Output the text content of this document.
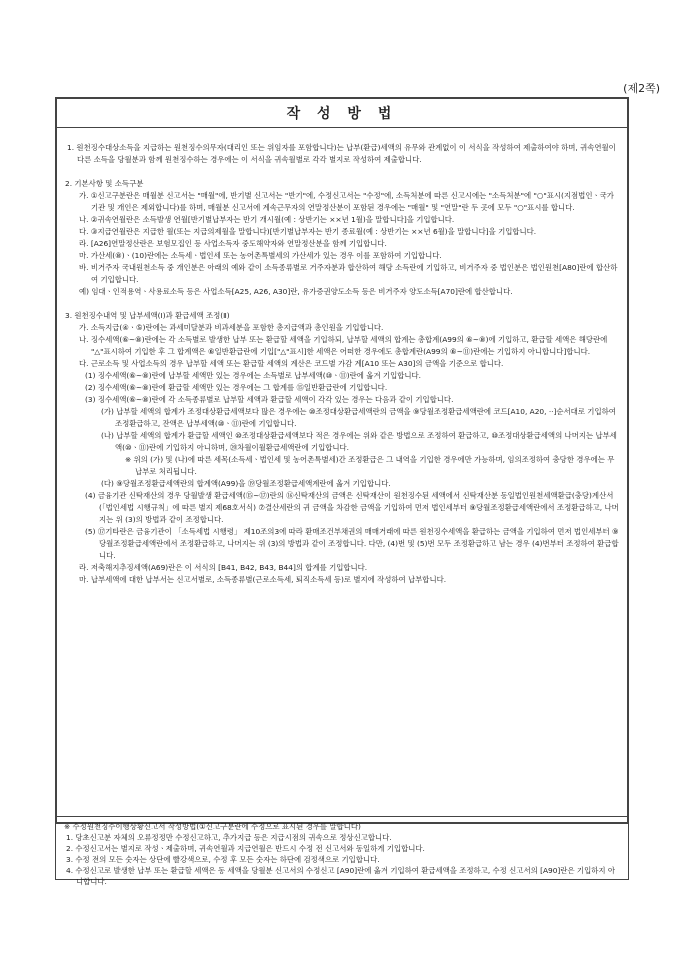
(제2쪽)
작 성 방 법

1. 원천징수대상소득을 지급하는 원천징수의무자(대리인 또는 위임자를 포함합니다)는 납부(환급)세액의 유무와 관계없이 이 서식을 작성하여 제출하여야 하며, 귀속연월이 다른 소득을 당월분과 함께 원천징수하는 경우에는 이 서식을 귀속월별로 각각 별지로 작성하여 제출합니다.

2. 기본사항 및 소득구분

가. ①신고구분란은 매월분 신고서는 "매월"에, 반기별 신고서는 "반기"에, 수정신고서는 "수정"에, 소득처분에 따른 신고시에는 "소득처분"에 "○"표시(지점법인ㆍ국가기관 및 개인은 제외합니다)를 하며, 매월분 신고서에 계속근무자의 연말정산분이 포함된 경우에는 "매월" 및 "연말"란 두 곳에 모두 "○"표시를 합니다.

나. ②귀속연월란은 소득발생 연월[반기별납부자는 반기 개시월(예 : 상반기는 ××년 1월)을 말합니다]을 기입합니다.

다. ③지급연월란은 지급한 월(또는 지급의제월을 말합니다)[반기별납부자는 반기 종료월(예 : 상반기는 ××년 6월)을 말합니다]을 기입합니다.

라. [A26]연말정산란은 보험모집인 등 사업소득자 중도해약자와 연말정산분을 함께 기입합니다.

마. 가산세(⑧)ㆍ(10)란에는 소득세ㆍ법인세 또는 농어촌특별세의 가산세가 있는 경우 이를 포함하여 기입합니다.

바. 비거주자 국내원천소득 중 개인분은 아래의 예와 같이 소득종류별로 거주자분과 합산하여 해당 소득란에 기입하고, 비거주자 중 법인분은 법인원천[A80]란에 합산하여 기입합니다.

예) 임대ㆍ인적용역ㆍ사용료소득 등은 사업소득[A25, A26, A30]란, 유가증권양도소득 등은 비거주자 양도소득[A70]란에 합산합니다.

3. 원천징수내역 및 납부세액(Ⅰ)과 환급세액 조정(Ⅱ)

가. 소득지급(④ㆍ⑤)란에는 과세미달분과 비과세분을 포함한 총지급액과 총인원을 기입합니다.

나. 징수세액(⑥~⑧)란에는 각 소득별로 발생한 납부 또는 환급할 세액을 기입하되, 납부할 세액의 합계는 총합계(A99의 ⑥~⑧)에 기입하고, 환급할 세액은 해당란에 "△"표시하여 기입한 후 그 합계액은 ⑥일반환급란에 기입["△"표시]한 세액은 어떠한 경우에도 총합계란(A99의 ⑥~⑪)란에는 기입하지 아니합니다]합니다.

다. 근로소득 및 사업소득의 경우 납부할 세액 또는 환급할 세액의 계산은 코드별 가감 계[A10 또는 A30]의 금액을 기준으로 합니다.

(1) 징수세액(⑥~⑧)란에 납부할 세액만 있는 경우에는 소득별로 납부세액(⑩ㆍ⑪)란에 옮겨 기입합니다.

(2) 징수세액(⑥~⑧)란에 환급할 세액만 있는 경우에는 그 합계를 ⑮일반환급란에 기입합니다.

(3) 징수세액(⑥~⑧)란에 각 소득종류별로 납부할 세액과 환급할 세액이 각각 있는 경우는 다음과 같이 기입합니다.

(가) 납부할 세액의 합계가 조정대상환급세액보다 많은 경우에는 ⑩조정대상환급세액란의 금액을 ⑨당월조정환급세액란에 코드[A10, A20, ··]순서대로 기입하여 조정환급하고, 잔액은 납부세액(⑩ㆍ⑪)란에 기입합니다.

(나) 납부할 세액의 합계가 환급할 세액인 ⑩조정대상환급세액보다 적은 경우에는 위와 같은 방법으로 조정하여 환급하고, ⑩조정대상환급세액의 나머지는 납부세액(⑩ㆍ⑪)란에 기입하지 아니하며, ⑳차월이월환급세액란에 기입합니다.

※ 위의 (가) 및 (나)에 따른 세목(소득세ㆍ법인세 및 농어촌특별세)간 조정환급은 그 내역을 기입한 경우에만 가능하며, 임의조정하여 충당한 경우에는 무납부로 처리됩니다.

(다) ⑨당월조정환급세액란의 합계액(A99)을 ⑲당월조정환급세액계란에 옮겨 기입합니다.

(4) 금융기관 신탁재산의 경우 당월발생 환급세액(⑮~⑰)란의 ⑯신탁재산의 금액은 신탁재산이 원천징수된 세액에서 신탁재산분 동일법인원천세액환급(충당)계산서(「법인세법 시행규칙」에 따른 별지 제68호서식) ⑦결산세란의 귀 금액을 차감한 금액을 기입하여 먼저 법인세부터 ⑨당월조정환급세액란에서 조정환급하고, 나머지는 위 (3)의 방법과 같이 조정합니다.

(5) ⑰기타란은 금융기관이 「소득세법 시행령」 제10조의3에 따라 환매조건부채권의 매매거래에 따른 원천징수세액을 환급하는 금액을 기입하여 먼저 법인세부터 ⑨당월조정환급세액란에서 조정환급하고, 나머지는 위 (3)의 방법과 같이 조정합니다. 다만, (4)번 및 (5)번 모두 조정환급하고 남는 경우 (4)번부터 조정하여 환급합니다.

라. 저축해지추징세액(A69)란은 이 서식의 [B41, B42, B43, B44]의 합계를 기입합니다.

마. 납부세액에 대한 납부서는 신고서별로, 소득종류별(근로소득세, 퇴직소득세 등)로 별지에 작성하여 납부합니다.

※ 수정원천징수이행상황신고서 작성방법(①신고구분란에 수정으로 표시된 경우를 말합니다)

1. 당초신고분 자체의 오류정정만 수정신고하고, 추가지급 등은 지급시점의 귀속으로 정상신고합니다.

2. 수정신고서는 별지로 작성ㆍ제출하며, 귀속연월과 지급연월은 반드시 수정 전 신고서와 동일하게 기입합니다.

3. 수정 전의 모든 숫자는 상단에 빨강색으로, 수정 후 모든 숫자는 하단에 검정색으로 기입합니다.

4. 수정신고로 발생한 납부 또는 환급할 세액은 동 세액을 당월분 신고서의 수정신고 [A90]란에 옮겨 기입하여 환급세액을 조정하고, 수정 신고서의 [A90]란은 기입하지 아니합니다.
